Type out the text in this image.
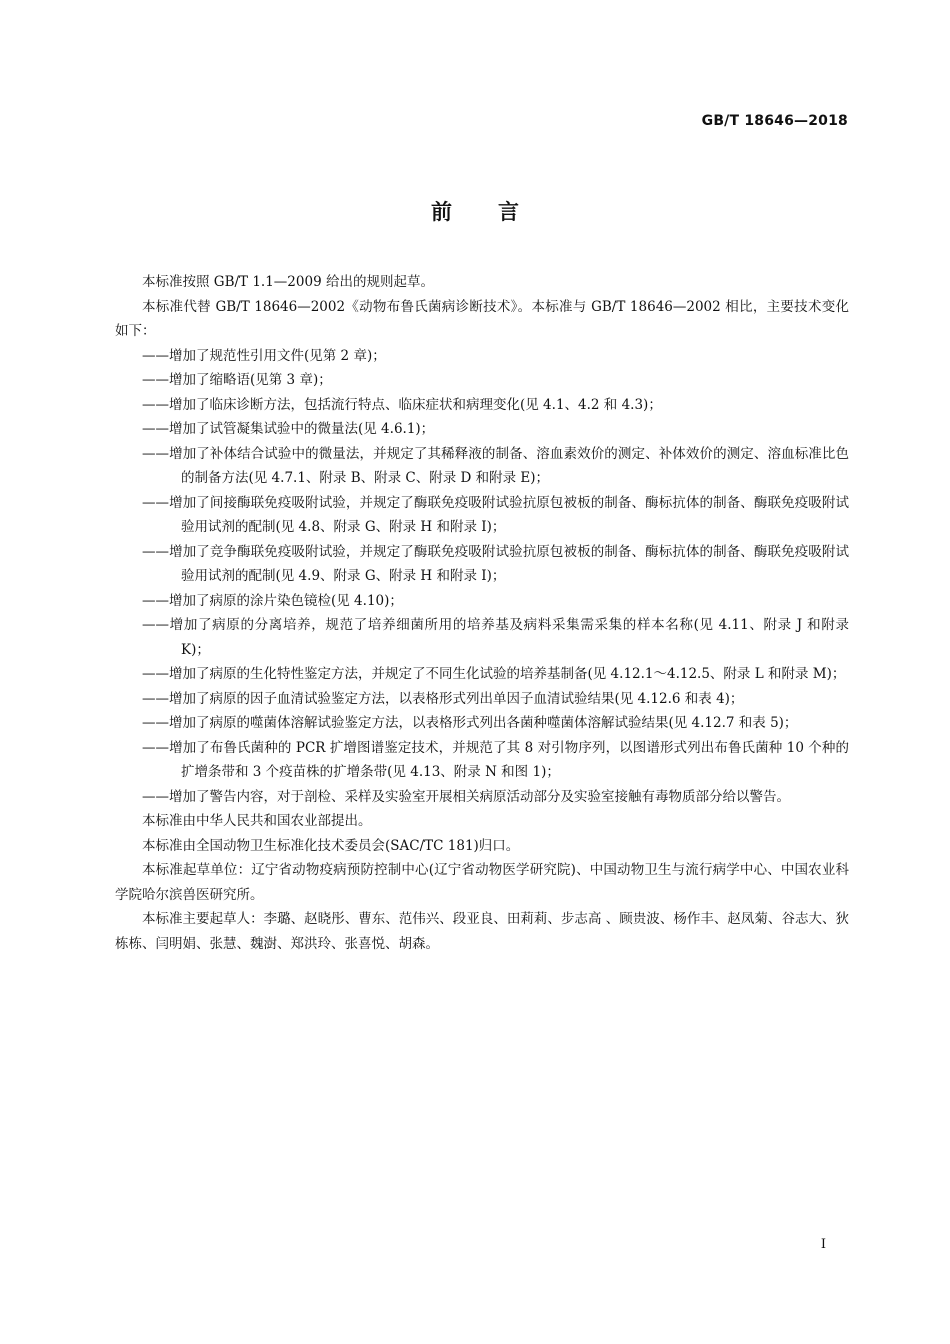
GB/T 18646—2018
前言

本标准按照 GB/T 1.1—2009 给出的规则起草。

本标准代替 GB/T 18646—2002《动物布鲁氏菌病诊断技术》。本标准与 GB/T 18646—2002 相比，主要技术变化如下：

——增加了规范性引用文件(见第 2 章)；
——增加了缩略语(见第 3 章)；
——增加了临床诊断方法，包括流行特点、临床症状和病理变化(见 4.1、4.2 和 4.3)；
——增加了试管凝集试验中的微量法(见 4.6.1)；
——增加了补体结合试验中的微量法，并规定了其稀释液的制备、溶血素效价的测定、补体效价的测定、溶血标准比色的制备方法(见 4.7.1、附录 B、附录 C、附录 D 和附录 E)；
——增加了间接酶联免疫吸附试验，并规定了酶联免疫吸附试验抗原包被板的制备、酶标抗体的制备、酶联免疫吸附试验用试剂的配制(见 4.8、附录 G、附录 H 和附录 I)；
——增加了竞争酶联免疫吸附试验，并规定了酶联免疫吸附试验抗原包被板的制备、酶标抗体的制备、酶联免疫吸附试验用试剂的配制(见 4.9、附录 G、附录 H 和附录 I)；
——增加了病原的涂片染色镜检(见 4.10)；
——增加了病原的分离培养，规范了培养细菌所用的培养基及病料采集需采集的样本名称(见 4.11、附录 J 和附录 K)；
——增加了病原的生化特性鉴定方法，并规定了不同生化试验的培养基制备(见 4.12.1～4.12.5、附录 L 和附录 M)；
——增加了病原的因子血清试验鉴定方法，以表格形式列出单因子血清试验结果(见 4.12.6 和表 4)；
——增加了病原的噬菌体溶解试验鉴定方法，以表格形式列出各菌种噬菌体溶解试验结果(见 4.12.7 和表 5)；
——增加了布鲁氏菌种的 PCR 扩增图谱鉴定技术，并规范了其 8 对引物序列，以图谱形式列出布鲁氏菌种 10 个种的扩增条带和 3 个疫苗株的扩增条带(见 4.13、附录 N 和图 1)；
——增加了警告内容，对于剖检、采样及实验室开展相关病原活动部分及实验室接触有毒物质部分给以警告。

本标准由中华人民共和国农业部提出。

本标准由全国动物卫生标准化技术委员会(SAC/TC 181)归口。

本标准起草单位：辽宁省动物疫病预防控制中心(辽宁省动物医学研究院)、中国动物卫生与流行病学中心、中国农业科学院哈尔滨兽医研究所。

本标准主要起草人：李璐、赵晓彤、曹东、范伟兴、段亚良、田莉莉、步志高 、顾贵波、杨作丰、赵凤菊、谷志大、狄栋栋、闫明娟、张慧、魏澍、郑洪玲、张喜悦、胡森。

I
